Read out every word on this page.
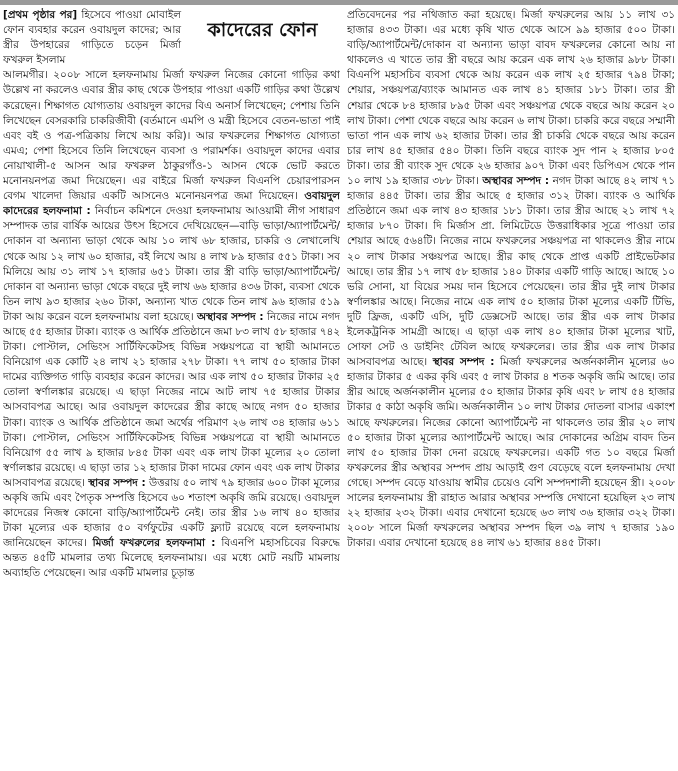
[প্রথম পৃষ্ঠার পর] হিসেবে পাওয়া মোবাইল ফোন ব্যবহার করেন ওবায়দুল কাদের; আর স্ত্রীর উপহারের গাড়িতে চড়েন মির্জা ফখরুল ইসলাম

কাদেরের ফোন

আলমগীর। ২০০৮ সালে হলফনামায় মির্জা ফখরুল নিজের কোনো গাড়ির কথা উল্লেখ না করলেও এবার স্ত্রীর কাছ থেকে উপহার পাওয়া একটি গাড়ির কথা উল্লেখ করেছেন। শিক্ষাগত যোগ্যতায় ওবায়দুল কাদের বিএ অনার্স লিখেছেন; পেশায় তিনি লিখেছেন বেসরকারি চাকরিজীবী (বর্তমানে এমপি ও মন্ত্রী হিসেবে বেতন-ভাতা পাই এবং বই ও পত্র-পত্রিকায় লিখে আয় করি)। আর ফখরুলের শিক্ষাগত যোগ্যতা এমএ; পেশা হিসেবে তিনি লিখেছেন ব্যবসা ও পরামর্শক। ওবায়দুল কাদের এবার নোয়াখালী-৫ আসন আর ফখরুল ঠাকুরগাঁও-১ আসন থেকে ভোট করতে মনোনয়নপত্র জমা দিয়েছেন। এর বাইরে মির্জা ফখরুল বিএনপি চেয়ারপারসন বেগম খালেদা জিয়ার একটি আসনেও মনোনয়নপত্র জমা দিয়েছেন। ওবায়দুল কাদেরের হলফনামা : নির্বাচন কমিশনে দেওয়া হলফনামায় আওয়ামী লীগ সাধারণ সম্পাদক তার বার্ষিক আয়ের উৎস হিসেবে দেখিয়েছেন—বাড়ি ভাড়া/অ্যাপার্টমেন্ট/দোকান বা অন্যান্য ভাড়া থেকে আয় ১০ লাখ ৬৮ হাজার, চাকরি ও লেখালেখি থেকে আয় ১২ লাখ ৬০ হাজার, বই লিখে আয় ৪ লাখ ৮৯ হাজার ৫৫১ টাকা। সব মিলিয়ে আয় ৩১ লাখ ১৭ হাজার ৬৫১ টাকা। তার স্ত্রী বাড়ি ভাড়া/অ্যাপার্টমেন্ট/দোকান বা অন্যান্য ভাড়া থেকে বছরে দুই লাখ ৬৬ হাজার ৪৩৬ টাকা, ব্যবসা থেকে তিন লাখ ৯৩ হাজার ২৬০ টাকা, অন্যান্য খাত থেকে তিন লাখ ৯৬ হাজার ৫১৯ টাকা আয় করেন বলে হলফনামায় বলা হয়েছে। অস্থাবর সম্পদ : নিজের নামে নগদ আছে ৫৫ হাজার টাকা। ব্যাংক ও আর্থিক প্রতিষ্ঠানে জমা ৮৩ লাখ ৫৮ হাজার ৭৪২ টাকা। পোস্টাল, সেভিংস সার্টিফিকেটসহ বিভিন্ন সঞ্চয়পত্রে বা স্থায়ী আমানতে বিনিয়োগ এক কোটি ২৪ লাখ ২১ হাজার ২৭৮ টাকা। ৭৭ লাখ ৫০ হাজার টাকা দামের ব্যক্তিগত গাড়ি ব্যবহার করেন কাদের। আর এক লাখ ৫০ হাজার টাকার ২৫ তোলা স্বর্ণালঙ্কার রয়েছে। এ ছাড়া নিজের নামে আট লাখ ৭৫ হাজার টাকার আসবাবপত্র আছে। আর ওবায়দুল কাদেরের স্ত্রীর কাছে আছে নগদ ৫০ হাজার টাকা। ব্যাংক ও আর্থিক প্রতিষ্ঠানে জমা অর্থের পরিমাণ ২৬ লাখ ৩৪ হাজার ৬১১ টাকা। পোস্টাল, সেভিংস সার্টিফিকেটসহ বিভিন্ন সঞ্চয়পত্রে বা স্থায়ী আমানতে বিনিয়োগ ৫৫ লাখ ৯ হাজার ৮৪৫ টাকা এবং এক লাখ টাকা মূল্যের ২০ তোলা স্বর্ণালঙ্কার রয়েছে। এ ছাড়া তার ১২ হাজার টাকা দামের ফোন এবং এক লাখ টাকার আসবাবপত্র রয়েছে। স্থাবর সম্পদ : উত্তরায় ৫০ লাখ ৭৯ হাজার ৬০০ টাকা মূল্যের অকৃষি জমি এবং পৈতৃক সম্পত্তি হিসেবে ৬০ শতাংশ অকৃষি জমি রয়েছে। ওবায়দুল কাদেরের নিজস্ব কোনো বাড়ি/অ্যাপার্টমেন্ট নেই। তার স্ত্রীর ১৬ লাখ ৪০ হাজার টাকা মূল্যের এক হাজার ৫০ বর্গফুটের একটি ফ্ল্যাট রয়েছে বলে হলফনামায় জানিয়েছেন কাদের। মির্জা ফখরুলের হলফনামা : বিএনপি মহাসচিবের বিরুদ্ধে অন্তত ৪৫টি মামলার তথ্য মিলেছে হলফনামায়। এর মধ্যে মোট নয়টি মামলায় অব্যাহতি পেয়েছেন। আর একটি মামলার চূড়ান্ত

প্রতিবেদনের পর নথিজাত করা হয়েছে। মির্জা ফখরুলের আয় ১১ লাখ ৩১ হাজার ৪৩৩ টাকা। এর মধ্যে কৃষি খাত থেকে আসে ৯৯ হাজার ৫০০ টাকা। বাড়ি/অ্যাপার্টমেন্ট/দোকান বা অন্যান্য ভাড়া বাবদ ফখরুলের কোনো আয় না থাকলেও এ খাতে তার স্ত্রী বছরে আয় করেন এক লাখ ২৬ হাজার ৯৮৮ টাকা। বিএনপি মহাসচিব ব্যবসা থেকে আয় করেন এক লাখ ২৫ হাজার ৭৯৪ টাকা; শেয়ার, সঞ্চয়পত্র/ব্যাংক আমানত এক লাখ ৪১ হাজার ১৮১ টাকা। তার স্ত্রী শেয়ার থেকে ৮৪ হাজার ৮৯৫ টাকা এবং সঞ্চয়পত্র থেকে বছরে আয় করেন ২০ লাখ টাকা। পেশা থেকে বছরে আয় করেন ৬ লাখ টাকা। চাকরি করে বছরে সম্মানী ভাতা পান এক লাখ ৬২ হাজার টাকা। তার স্ত্রী চাকরি থেকে বছরে আয় করেন চার লাখ ৪৫ হাজার ৫৪০ টাকা। তিনি বছরে ব্যাংক সুদ পান ২ হাজার ৮০৫ টাকা। তার স্ত্রী ব্যাংক সুদ থেকে ২৬ হাজার ৯০৭ টাকা এবং ডিপিএস থেকে পান ১০ লাখ ১৯ হাজার ৩৮৮ টাকা। অস্থাবর সম্পদ : নগদ টাকা আছে ৪২ লাখ ৭১ হাজার ৪৪৫ টাকা। তার স্ত্রীর আছে ৫ হাজার ৩১২ টাকা। ব্যাংক ও আর্থিক প্রতিষ্ঠানে জমা এক লাখ ৪৩ হাজার ১৮১ টাকা। তার স্ত্রীর আছে ২১ লাখ ৭২ হাজার ৮৭০ টাকা। দি মির্জাস প্রা. লিমিটেডে উত্তরাধিকার সূত্রে পাওয়া তার শেয়ার আছে ৫৬৪টি। নিজের নামে ফখরুলের সঞ্চয়পত্র না থাকলেও স্ত্রীর নামে ২০ লাখ টাকার সঞ্চয়পত্র আছে। স্ত্রীর কাছ থেকে প্রাপ্ত একটি প্রাইভেটকার আছে। তার স্ত্রীর ১৭ লাখ ৫৮ হাজার ১৪০ টাকার একটি গাড়ি আছে। আছে ১০ ভরি সোনা, যা বিয়ের সময় দান হিসেবে পেয়েছেন। তার স্ত্রীর দুই লাখ টাকার স্বর্ণালঙ্কার আছে। নিজের নামে এক লাখ ৫০ হাজার টাকা মূল্যের একটি টিভি, দুটি ফ্রিজ, একটি এসি, দুটি ডেক্সসেট আছে। তার স্ত্রীর এক লাখ টাকার ইলেকট্রনিক সামগ্রী আছে। এ ছাড়া এক লাখ ৪০ হাজার টাকা মূল্যের খাট, সোফা সেট ও ডাইনিং টেবিল আছে ফখরুলের। তার স্ত্রীর এক লাখ টাকার আসবাবপত্র আছে। স্থাবর সম্পদ : মির্জা ফখরুলের অর্জনকালীন মূল্যের ৬০ হাজার টাকার ৫ একর কৃষি এবং ৫ লাখ টাকার ৪ শতক অকৃষি জমি আছে। তার স্ত্রীর আছে অর্জনকালীন মূল্যের ৫০ হাজার টাকার কৃষি এবং ৮ লাখ ৫৪ হাজার টাকার ৫ কাঠা অকৃষি জমি। অর্জনকালীন ১০ লাখ টাকার দোতলা বাসার একাংশ আছে ফখরুলের। নিজের কোনো অ্যাপার্টমেন্ট না থাকলেও তার স্ত্রীর ২০ লাখ ৫০ হাজার টাকা মূল্যের অ্যাপার্টমেন্ট আছে। আর দোকানের অগ্রিম বাবদ তিন লাখ ৫০ হাজার টাকা দেনা রয়েছে ফখরুলের। একটি গত ১০ বছরে মির্জা ফখরুলের স্ত্রীর অস্থাবর সম্পদ প্রায় আড়াই গুণ বেড়েছে বলে হলফনামায় দেখা গেছে। সম্পদ বেড়ে যাওয়ায় স্বামীর চেয়েও বেশি সম্পদশালী হয়েছেন স্ত্রী। ২০০৮ সালের হলফনামায় স্ত্রী রাহাত আরার অস্থাবর সম্পত্তি দেখানো হয়েছিল ২৩ লাখ ২২ হাজার ২৩২ টাকা। এবার দেখানো হয়েছে ৬৩ লাখ ৩৬ হাজার ৩২২ টাকা। ২০০৮ সালে মির্জা ফখরুলের অস্থাবর সম্পদ ছিল ৩৯ লাখ ৭ হাজার ১৯০ টাকার। এবার দেখানো হয়েছে ৪৪ লাখ ৬১ হাজার ৪৪৫ টাকা।
